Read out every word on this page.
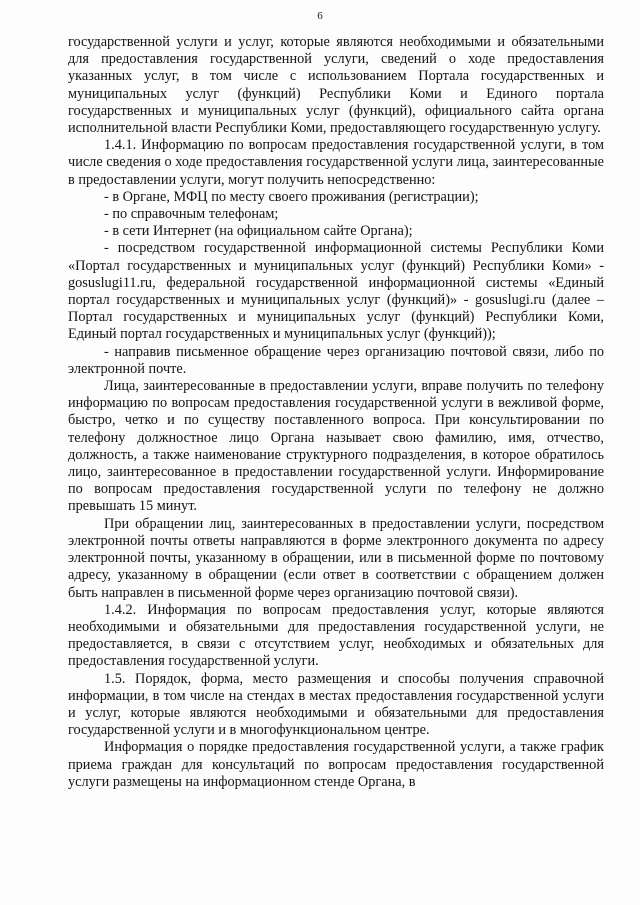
6

государственной услуги и услуг, которые являются необходимыми и обязательными для предоставления государственной услуги, сведений о ходе предоставления указанных услуг, в том числе с использованием Портала государственных и муниципальных услуг (функций) Республики Коми и Единого портала государственных и муниципальных услуг (функций), официального сайта органа исполнительной власти Республики Коми, предоставляющего государственную услугу.

1.4.1. Информацию по вопросам предоставления государственной услуги, в том числе сведения о ходе предоставления государственной услуги лица, заинтересованные в предоставлении услуги, могут получить непосредственно:

- в Органе, МФЦ по месту своего проживания (регистрации);

- по справочным телефонам;

- в сети Интернет (на официальном сайте Органа);

- посредством государственной информационной системы Республики Коми «Портал государственных и муниципальных услуг (функций) Республики Коми» - gosuslugi11.ru, федеральной государственной информационной системы «Единый портал государственных и муниципальных услуг (функций)» - gosuslugi.ru (далее – Портал государственных и муниципальных услуг (функций) Республики Коми, Единый портал государственных и муниципальных услуг (функций));

- направив письменное обращение через организацию почтовой связи, либо по электронной почте.

Лица, заинтересованные в предоставлении услуги, вправе получить по телефону информацию по вопросам предоставления государственной услуги в вежливой форме, быстро, четко и по существу поставленного вопроса. При консультировании по телефону должностное лицо Органа называет свою фамилию, имя, отчество, должность, а также наименование структурного подразделения, в которое обратилось лицо, заинтересованное в предоставлении государственной услуги. Информирование по вопросам предоставления государственной услуги по телефону не должно превышать 15 минут.

При обращении лиц, заинтересованных в предоставлении услуги, посредством электронной почты ответы направляются в форме электронного документа по адресу электронной почты, указанному в обращении, или в письменной форме по почтовому адресу, указанному в обращении (если ответ в соответствии с обращением должен быть направлен в письменной форме через организацию почтовой связи).

1.4.2. Информация по вопросам предоставления услуг, которые являются необходимыми и обязательными для предоставления государственной услуги, не предоставляется, в связи с отсутствием услуг, необходимых и обязательных для предоставления государственной услуги.

1.5. Порядок, форма, место размещения и способы получения справочной информации, в том числе на стендах в местах предоставления государственной услуги и услуг, которые являются необходимыми и обязательными для предоставления государственной услуги и в многофункциональном центре.

Информация о порядке предоставления государственной услуги, а также график приема граждан для консультаций по вопросам предоставления государственной услуги размещены на информационном стенде Органа, в
